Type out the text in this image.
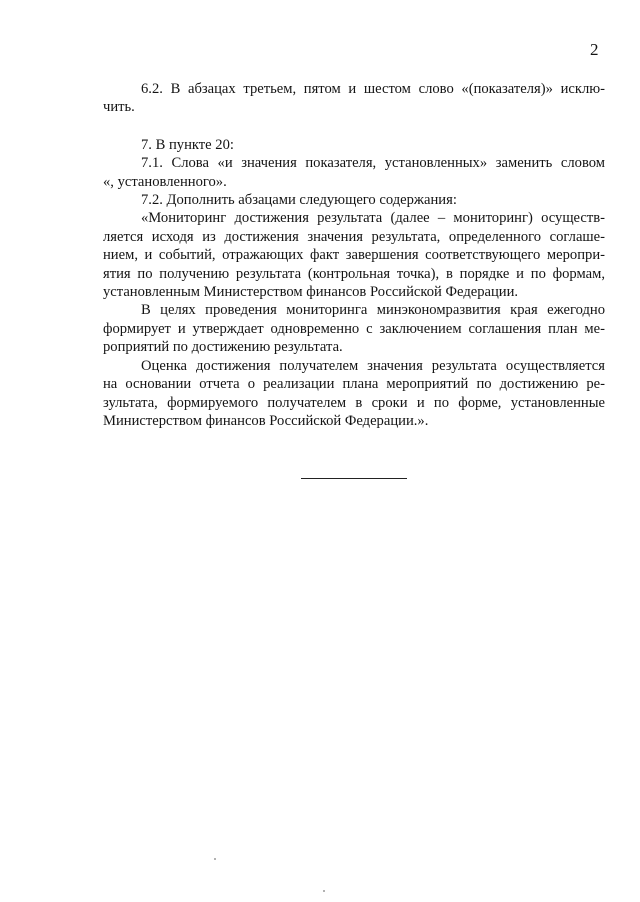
2
6.2. В абзацах третьем, пятом и шестом слово «(показателя)» исклю-
чить.
7. В пункте 20:
7.1. Слова «и значения показателя, установленных» заменить словом
«, установленного».
7.2. Дополнить абзацами следующего содержания:
«Мониторинг достижения результата (далее – мониторинг) осуществ-
ляется исходя из достижения значения результата, определенного соглаше-
нием, и событий, отражающих факт завершения соответствующего меропри-
ятия по получению результата (контрольная точка), в порядке и по формам,
установленным Министерством финансов Российской Федерации.
В целях проведения мониторинга минэкономразвития края ежегодно
формирует и утверждает одновременно с заключением соглашения план ме-
роприятий по достижению результата.
Оценка достижения получателем значения результата осуществляется
на основании отчета о реализации плана мероприятий по достижению ре-
зультата, формируемого получателем в сроки и по форме, установленные
Министерством финансов Российской Федерации.».
